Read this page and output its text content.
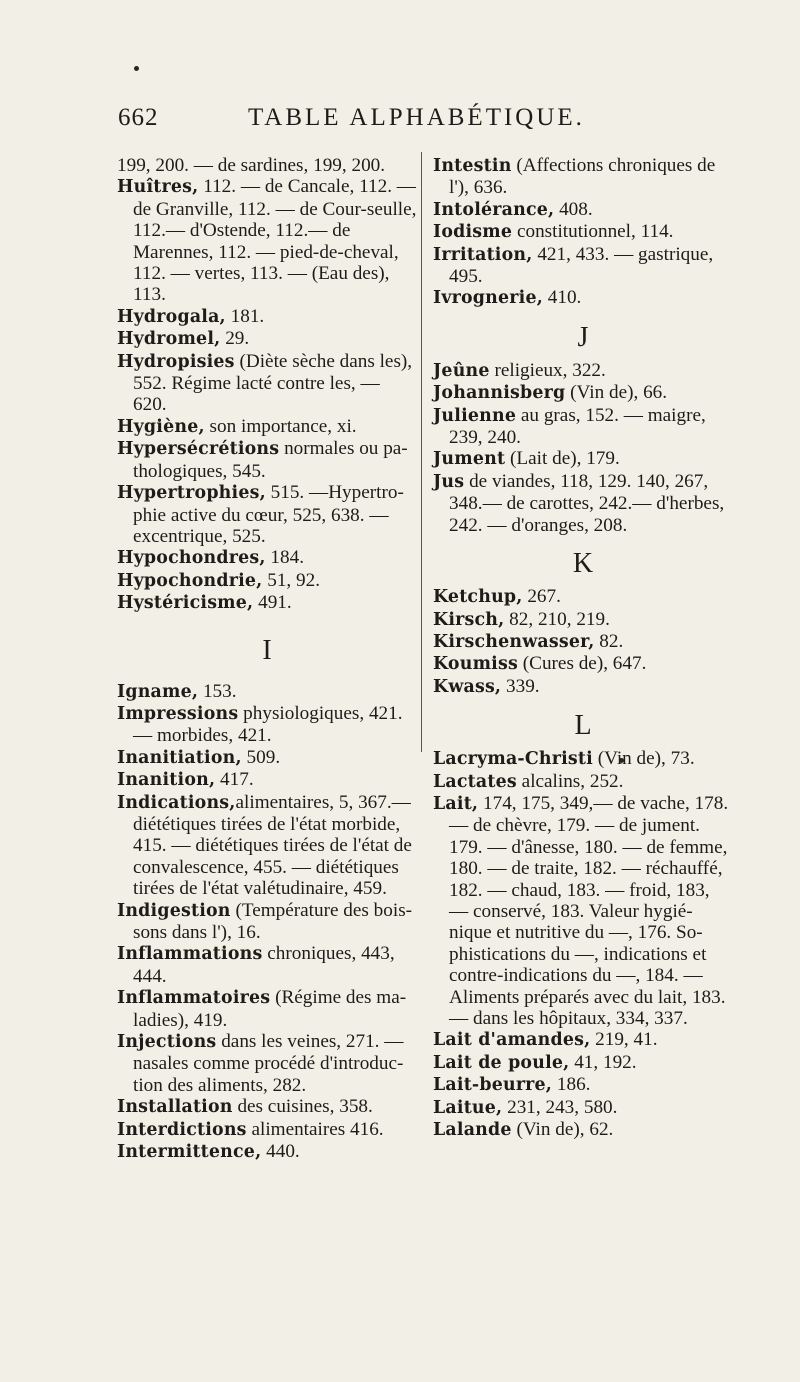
662	TABLE ALPHABÉTIQUE.

199, 200. — de sardines, 199, 200.

Huîtres, 112. — de Cancale, 112. — de Granville, 112. — de Cour-seulle, 112.— d'Ostende, 112.— de Marennes, 112. — pied-de-cheval, 112. — vertes, 113. — (Eau des), 113.

Hydrogala, 181.

Hydromel, 29.

Hydropisies (Diète sèche dans les), 552. Régime lacté contre les, — 620.

Hygiène, son importance, xi.

Hypersécrétions normales ou pa-thologiques, 545.

Hypertrophies, 515. —Hypertro-phie active du cœur, 525, 638. — excentrique, 525.

Hypochondres, 184.

Hypochondrie, 51, 92.

Hystéricisme, 491.

I

Igname, 153.

Impressions physiologiques, 421. — morbides, 421.

Inanitiation, 509.

Inanition, 417.

Indications,alimentaires, 5, 367.— diététiques tirées de l'état morbide, 415. — diététiques tirées de l'état de convalescence, 455. — diététiques tirées de l'état valétudinaire, 459.

Indigestion (Température des bois-sons dans l'), 16.

Inflammations chroniques, 443, 444.

Inflammatoires (Régime des ma-ladies), 419.

Injections dans les veines, 271. — nasales comme procédé d'introduc-tion des aliments, 282.

Installation des cuisines, 358.

Interdictions alimentaires 416.

Intermittence, 440.

Intestin (Affections chroniques de l'), 636.

Intolérance, 408.

Iodisme constitutionnel, 114.

Irritation, 421, 433. — gastrique, 495.

Ivrognerie, 410.

J

Jeûne religieux, 322.

Johannisberg (Vin de), 66.

Julienne au gras, 152. — maigre, 239, 240.

Jument (Lait de), 179.

Jus de viandes, 118, 129. 140, 267, 348.— de carottes, 242.— d'herbes, 242. — d'oranges, 208.

K

Ketchup, 267.

Kirsch, 82, 210, 219.

Kirschenwasser, 82.

Koumiss (Cures de), 647.

Kwass, 339.

L

Lacryma-Christi (Vin de), 73.

Lactates alcalins, 252.

Lait, 174, 175, 349,— de vache, 178. — de chèvre, 179. — de jument. 179. — d'ânesse, 180. — de femme, 180. — de traite, 182. — réchauffé, 182. — chaud, 183. — froid, 183, — conservé, 183. Valeur hygié-nique et nutritive du —, 176. So-phistications du —, indications et contre-indications du —, 184. — Aliments préparés avec du lait, 183. — dans les hôpitaux, 334, 337.

Lait d'amandes, 219, 41.

Lait de poule, 41, 192.

Lait-beurre, 186.

Laitue, 231, 243, 580.

Lalande (Vin de), 62.
